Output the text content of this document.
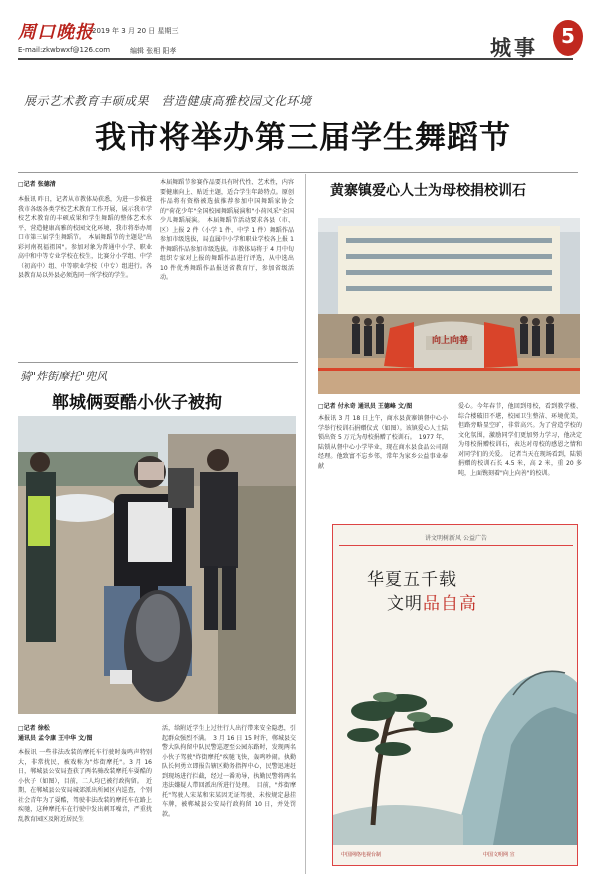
周口晚报
2019 年 3 月 20 日 星期三
E-mail:zkwbwxf@126.com	编辑 张相 阳孝	城事	5
展示艺术教育丰硕成果　营造健康高雅校园文化环境
我市将举办第三届学生舞蹈节
□记者 张德清
本报讯 昨日，记者从市教体局获悉，为进一步推进我市各级各类学校艺术教育工作开展，展示我市学校艺术教育的丰硕成果和学生舞蹈的整体艺术水平，营造健康高雅的校园文化环境，我市将举办周口市第三届学生舞蹈节。　本届舞蹈节的主题是"出彩河南祝福祖国"。参加对象为普通中小学、职业高中和中等专业学校在校生，比赛分小学组、中学（初高中）组、中等职业学校（中专）组进行。各县教育局以外县必须选同一所学校的学生。
本届舞蹈节参赛作品要具有时代性、艺术性，内容要健康向上、贴近主题，适合学生年龄特点。原创作品将有资格被选拔推荐参加中国舞蹈家协会的"荷花少年"全国校园舞蹈展演和"小荷风采"全国少儿舞蹈展演。　本届舞蹈节活动要求各县（市、区）上报 2 件（小学 1 件、中学 1 件）舞蹈作品参加市级选拔，局直属中小学和职业学校各上报 1 件舞蹈作品参加市级选拔。市教体局将于 4 月中旬组织专家对上报的舞蹈作品进行评选，从中选出 10 件优秀舞蹈作品报送省教育厅，参加省级活动。
骑"炸街摩托"兜风
郸城俩耍酷小伙子被拘
□记者 徐松
通讯员 孟令康 王中华 文/图
本报讯 一些非法改装的摩托车行驶时轰鸣声特别大，非常扰民，被戏称为"炸街摩托"。3 月 16 日，郸城县公安局查获了两名骑改装摩托车耍酷的小伙子（如图），目前，二人均已被行政拘留。　近期，在郸城县公安局城郊派出所园区内巡查，个别社会青年为了耍酷，驾驶非法改装的摩托车在路上疾驰，这种摩托车在行驶中发出刺耳噪音，严重扰乱教育园区及附近居民生
活，给附近学生上过往行人出行带来安全隐患，引起群众强烈不满。　3 月 16 日 15 时许，郸城县交警大队拘留中队民警巡逻至公园东路时，发现两名小伙子驾驶"炸街摩托"疾驰飞快，轰鸣吵闹。执勤队长何勇立即报告辖区勤务指挥中心，民警迅速赶到现场进行拦截，经过一番劝导，执勤民警将两名违法嫌疑人带回派出所进行处理。　目前，"炸街摩托"驾驶人宋某和宋某因无证驾驶、未按规定悬挂车牌，被郸城县公安局行政拘留 10 日，并处罚款。
黄寨镇爱心人士为母校捐校训石
向上向善
□记者 付永奇 通讯员 王德峰 文/图
本报讯 3 月 18 日上午，商水县黄寨镇督中心小学举行校训石捐赠仪式（如图）。该镇爱心人士陆锁出资 5 万元为母校捐赠了校训石。　1977 年，陆锁从督中心小学毕业，现在商水县食品公司副经理。他致富不忘乡邻，常年为家乡公益事业奉献
爱心。今年春节，他回到母校，看到教学楼、综合楼破旧不堪，校园卫生整洁、环境优美，但路旁略显空旷，非常高兴。为了营造学校的文化氛围，激励同学们更加努力学习，他决定为母校捐赠校训石，表达对母校的感恩之情和对同学们的关爱。　记者当天在现场看到，陆锁捐赠的校训石长 4.5 米，高 2 米，重 20 多吨，上面镌刻着"向上向善"的校训。
讲文明树新风 公益广告
华夏五千载
文明品自高
中国网络电视台制	中国文明网 宣
